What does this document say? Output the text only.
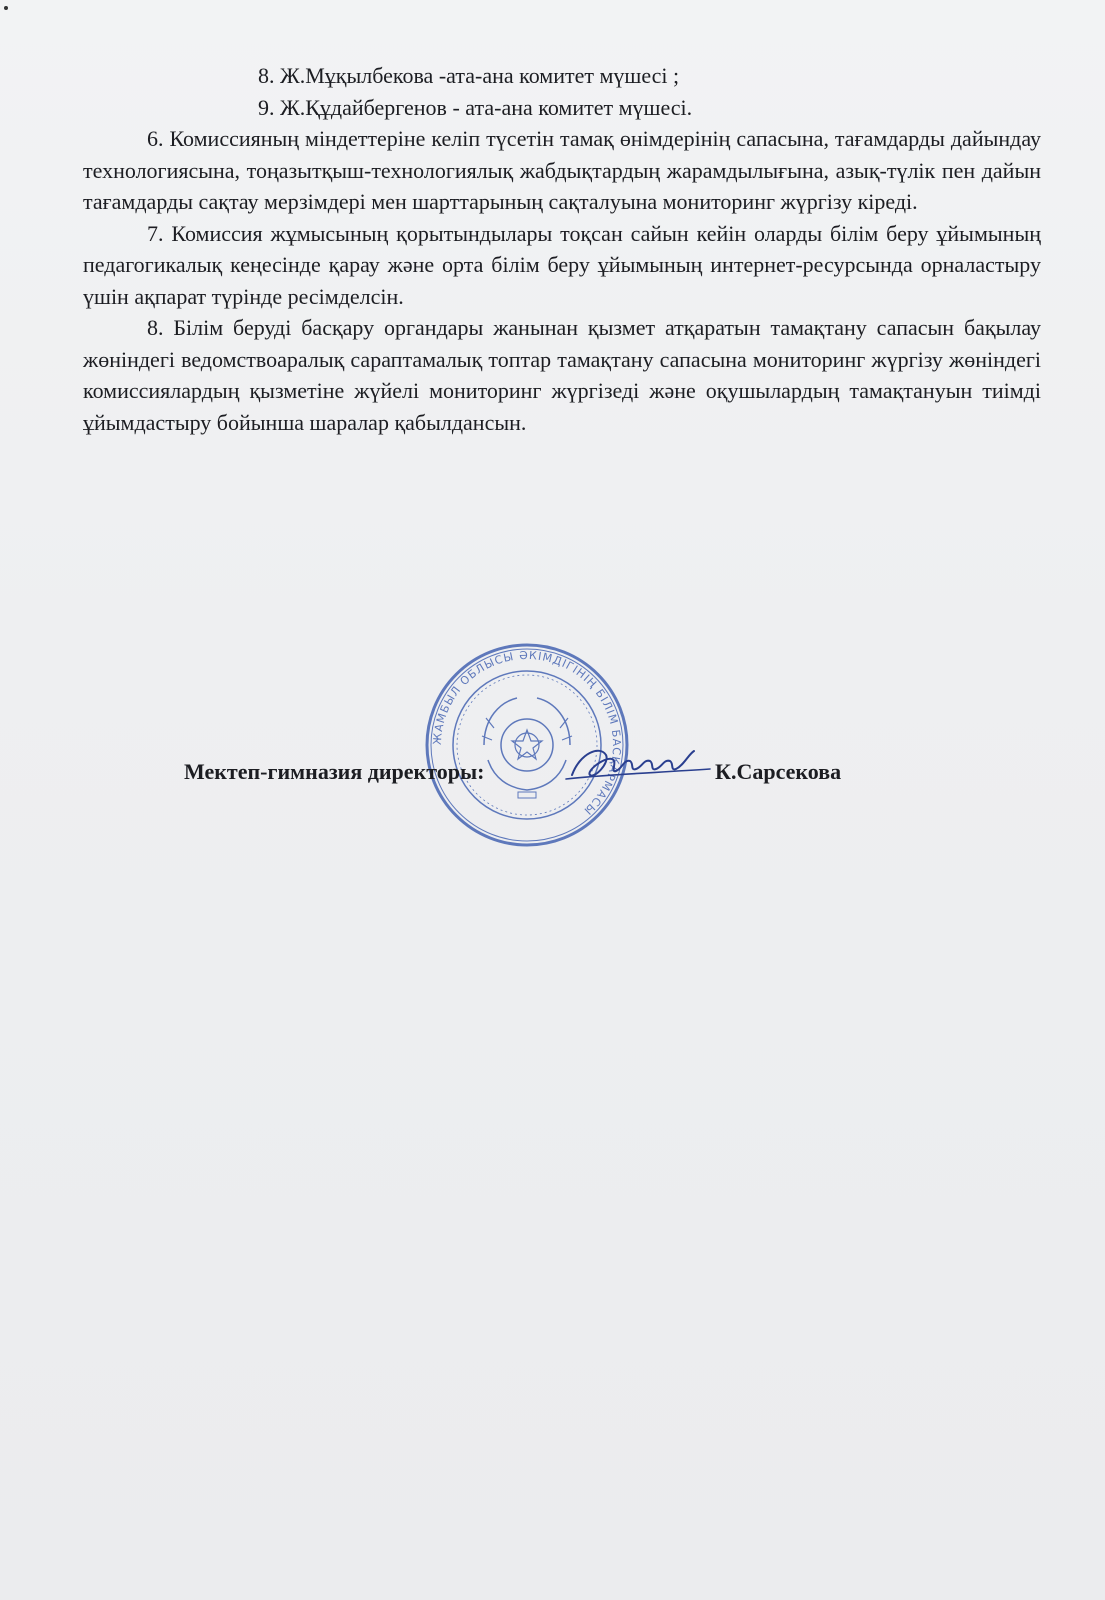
8. Ж.Мұқылбекова -ата-ана комитет мүшесі ;

9. Ж.Құдайбергенов - ата-ана комитет мүшесі.

6. Комиссияның міндеттеріне келіп түсетін тамақ өнімдерінің сапасына, тағамдарды дайындау технологиясына, тоңазытқыш-технологиялық жабдықтардың жарамдылығына, азық-түлік пен дайын тағамдарды сақтау мерзімдері мен шарттарының сақталуына мониторинг жүргізу кіреді.

7. Комиссия жұмысының қорытындылары тоқсан сайын кейін оларды білім беру ұйымының педагогикалық кеңесінде қарау және орта білім беру ұйымының интернет-ресурсында орналастыру үшін ақпарат түрінде ресімделсін.

8. Білім беруді басқару органдары жанынан қызмет атқаратын тамақтану сапасын бақылау жөніндегі ведомствоаралық сараптамалық топтар тамақтану сапасына мониторинг жүргізу жөніндегі комиссиялардың қызметіне жүйелі мониторинг жүргізеді және оқушылардың тамақтануын тиімді ұйымдастыру бойынша шаралар қабылдансын.

ЖАМБЫЛ ОБЛЫСЫ ӘКІМДІГІНІҢ БІЛІМ БАСҚАРМАСЫ
Мектеп-гимназия директоры:	К.Сарсекова
